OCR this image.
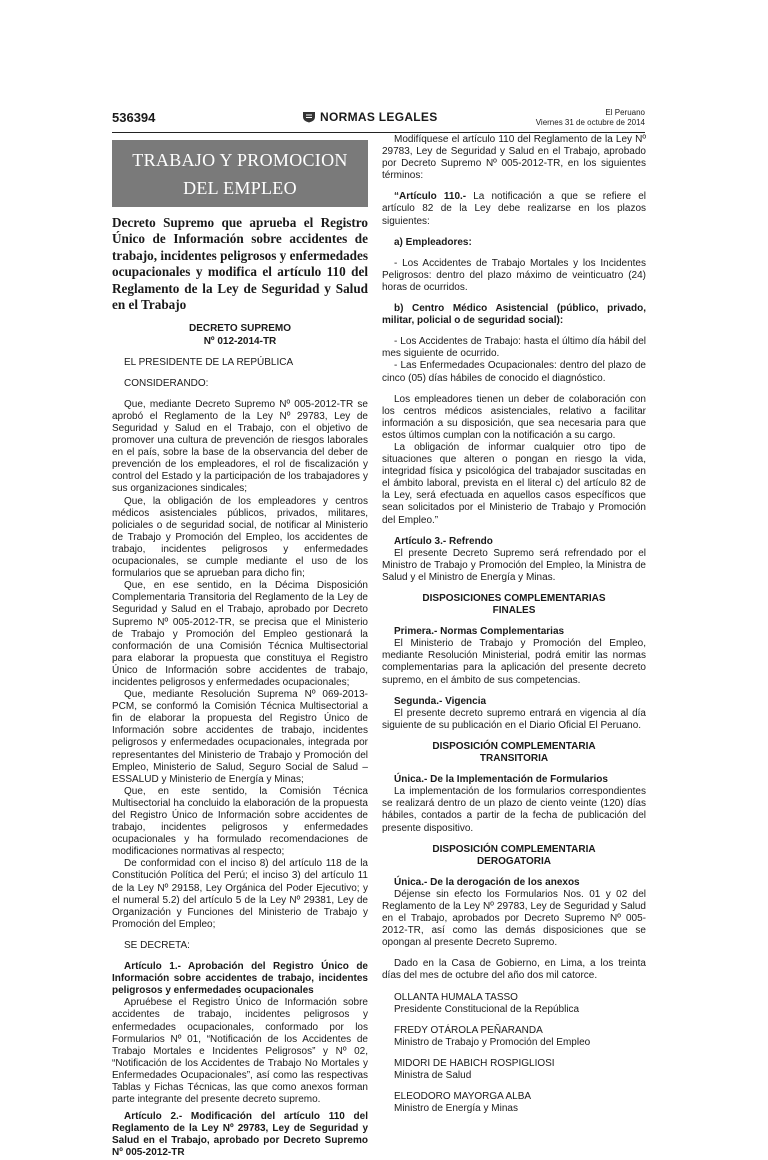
536394	NORMAS LEGALES	El Peruano
Viernes 31 de octubre de 2014
TRABAJO Y PROMOCION
DEL EMPLEO

Decreto Supremo que aprueba el Registro Único de Información sobre accidentes de trabajo, incidentes peligrosos y enfermedades ocupacionales y modifica el artículo 110 del Reglamento de la Ley de Seguridad y Salud en el Trabajo

DECRETO SUPREMO
Nº 012-2014-TR

EL PRESIDENTE DE LA REPÚBLICA

CONSIDERANDO:

Que, mediante Decreto Supremo Nº 005-2012-TR se aprobó el Reglamento de la Ley Nº 29783, Ley de Seguridad y Salud en el Trabajo, con el objetivo de promover una cultura de prevención de riesgos laborales en el país, sobre la base de la observancia del deber de prevención de los empleadores, el rol de fiscalización y control del Estado y la participación de los trabajadores y sus organizaciones sindicales;

Que, la obligación de los empleadores y centros médicos asistenciales públicos, privados, militares, policiales o de seguridad social, de notificar al Ministerio de Trabajo y Promoción del Empleo, los accidentes de trabajo, incidentes peligrosos y enfermedades ocupacionales, se cumple mediante el uso de los formularios que se aprueban para dicho fin;

Que, en ese sentido, en la Décima Disposición Complementaria Transitoria del Reglamento de la Ley de Seguridad y Salud en el Trabajo, aprobado por Decreto Supremo Nº 005-2012-TR, se precisa que el Ministerio de Trabajo y Promoción del Empleo gestionará la conformación de una Comisión Técnica Multisectorial para elaborar la propuesta que constituya el Registro Único de Información sobre accidentes de trabajo, incidentes peligrosos y enfermedades ocupacionales;

Que, mediante Resolución Suprema Nº 069-2013-PCM, se conformó la Comisión Técnica Multisectorial a fin de elaborar la propuesta del Registro Único de Información sobre accidentes de trabajo, incidentes peligrosos y enfermedades ocupacionales, integrada por representantes del Ministerio de Trabajo y Promoción del Empleo, Ministerio de Salud, Seguro Social de Salud – ESSALUD y Ministerio de Energía y Minas;

Que, en este sentido, la Comisión Técnica Multisectorial ha concluido la elaboración de la propuesta del Registro Único de Información sobre accidentes de trabajo, incidentes peligrosos y enfermedades ocupacionales y ha formulado recomendaciones de modificaciones normativas al respecto;

De conformidad con el inciso 8) del artículo 118 de la Constitución Política del Perú; el inciso 3) del artículo 11 de la Ley Nº 29158, Ley Orgánica del Poder Ejecutivo; y el numeral 5.2) del artículo 5 de la Ley Nº 29381, Ley de Organización y Funciones del Ministerio de Trabajo y Promoción del Empleo;

SE DECRETA:

Artículo 1.- Aprobación del Registro Único de Información sobre accidentes de trabajo, incidentes peligrosos y enfermedades ocupacionales

Apruébese el Registro Único de Información sobre accidentes de trabajo, incidentes peligrosos y enfermedades ocupacionales, conformado por los Formularios Nº 01, “Notificación de los Accidentes de Trabajo Mortales e Incidentes Peligrosos” y Nº 02, “Notificación de los Accidentes de Trabajo No Mortales y Enfermedades Ocupacionales”, así como las respectivas Tablas y Fichas Técnicas, las que como anexos forman parte integrante del presente decreto supremo.

Artículo 2.- Modificación del artículo 110 del Reglamento de la Ley Nº 29783, Ley de Seguridad y Salud en el Trabajo, aprobado por Decreto Supremo Nº 005-2012-TR

Modifíquese el artículo 110 del Reglamento de la Ley Nº 29783, Ley de Seguridad y Salud en el Trabajo, aprobado por Decreto Supremo Nº 005-2012-TR, en los siguientes términos:

“Artículo 110.- La notificación a que se refiere el artículo 82 de la Ley debe realizarse en los plazos siguientes:

a) Empleadores:

- Los Accidentes de Trabajo Mortales y los Incidentes Peligrosos: dentro del plazo máximo de veinticuatro (24) horas de ocurridos.

b) Centro Médico Asistencial (público, privado, militar, policial o de seguridad social):

- Los Accidentes de Trabajo: hasta el último día hábil del mes siguiente de ocurrido.

- Las Enfermedades Ocupacionales: dentro del plazo de cinco (05) días hábiles de conocido el diagnóstico.

Los empleadores tienen un deber de colaboración con los centros médicos asistenciales, relativo a facilitar información a su disposición, que sea necesaria para que estos últimos cumplan con la notificación a su cargo.

La obligación de informar cualquier otro tipo de situaciones que alteren o pongan en riesgo la vida, integridad física y psicológica del trabajador suscitadas en el ámbito laboral, prevista en el literal c) del artículo 82 de la Ley, será efectuada en aquellos casos específicos que sean solicitados por el Ministerio de Trabajo y Promoción del Empleo.”

Artículo 3.- Refrendo

El presente Decreto Supremo será refrendado por el Ministro de Trabajo y Promoción del Empleo, la Ministra de Salud y el Ministro de Energía y Minas.

DISPOSICIONES COMPLEMENTARIAS
FINALES

Primera.- Normas Complementarias

El Ministerio de Trabajo y Promoción del Empleo, mediante Resolución Ministerial, podrá emitir las normas complementarias para la aplicación del presente decreto supremo, en el ámbito de sus competencias.

Segunda.- Vigencia

El presente decreto supremo entrará en vigencia al día siguiente de su publicación en el Diario Oficial El Peruano.

DISPOSICIÓN COMPLEMENTARIA
TRANSITORIA

Única.- De la Implementación de Formularios

La implementación de los formularios correspondientes se realizará dentro de un plazo de ciento veinte (120) días hábiles, contados a partir de la fecha de publicación del presente dispositivo.

DISPOSICIÓN COMPLEMENTARIA
DEROGATORIA

Única.- De la derogación de los anexos

Déjense sin efecto los Formularios Nos. 01 y 02 del Reglamento de la Ley Nº 29783, Ley de Seguridad y Salud en el Trabajo, aprobados por Decreto Supremo Nº 005-2012-TR, así como las demás disposiciones que se opongan al presente Decreto Supremo.

Dado en la Casa de Gobierno, en Lima, a los treinta días del mes de octubre del año dos mil catorce.

OLLANTA HUMALA TASSO

Presidente Constitucional de la República

FREDY OTÁROLA PEÑARANDA

Ministro de Trabajo y Promoción del Empleo

MIDORI DE HABICH ROSPIGLIOSI

Ministra de Salud

ELEODORO MAYORGA ALBA

Ministro de Energía y Minas
